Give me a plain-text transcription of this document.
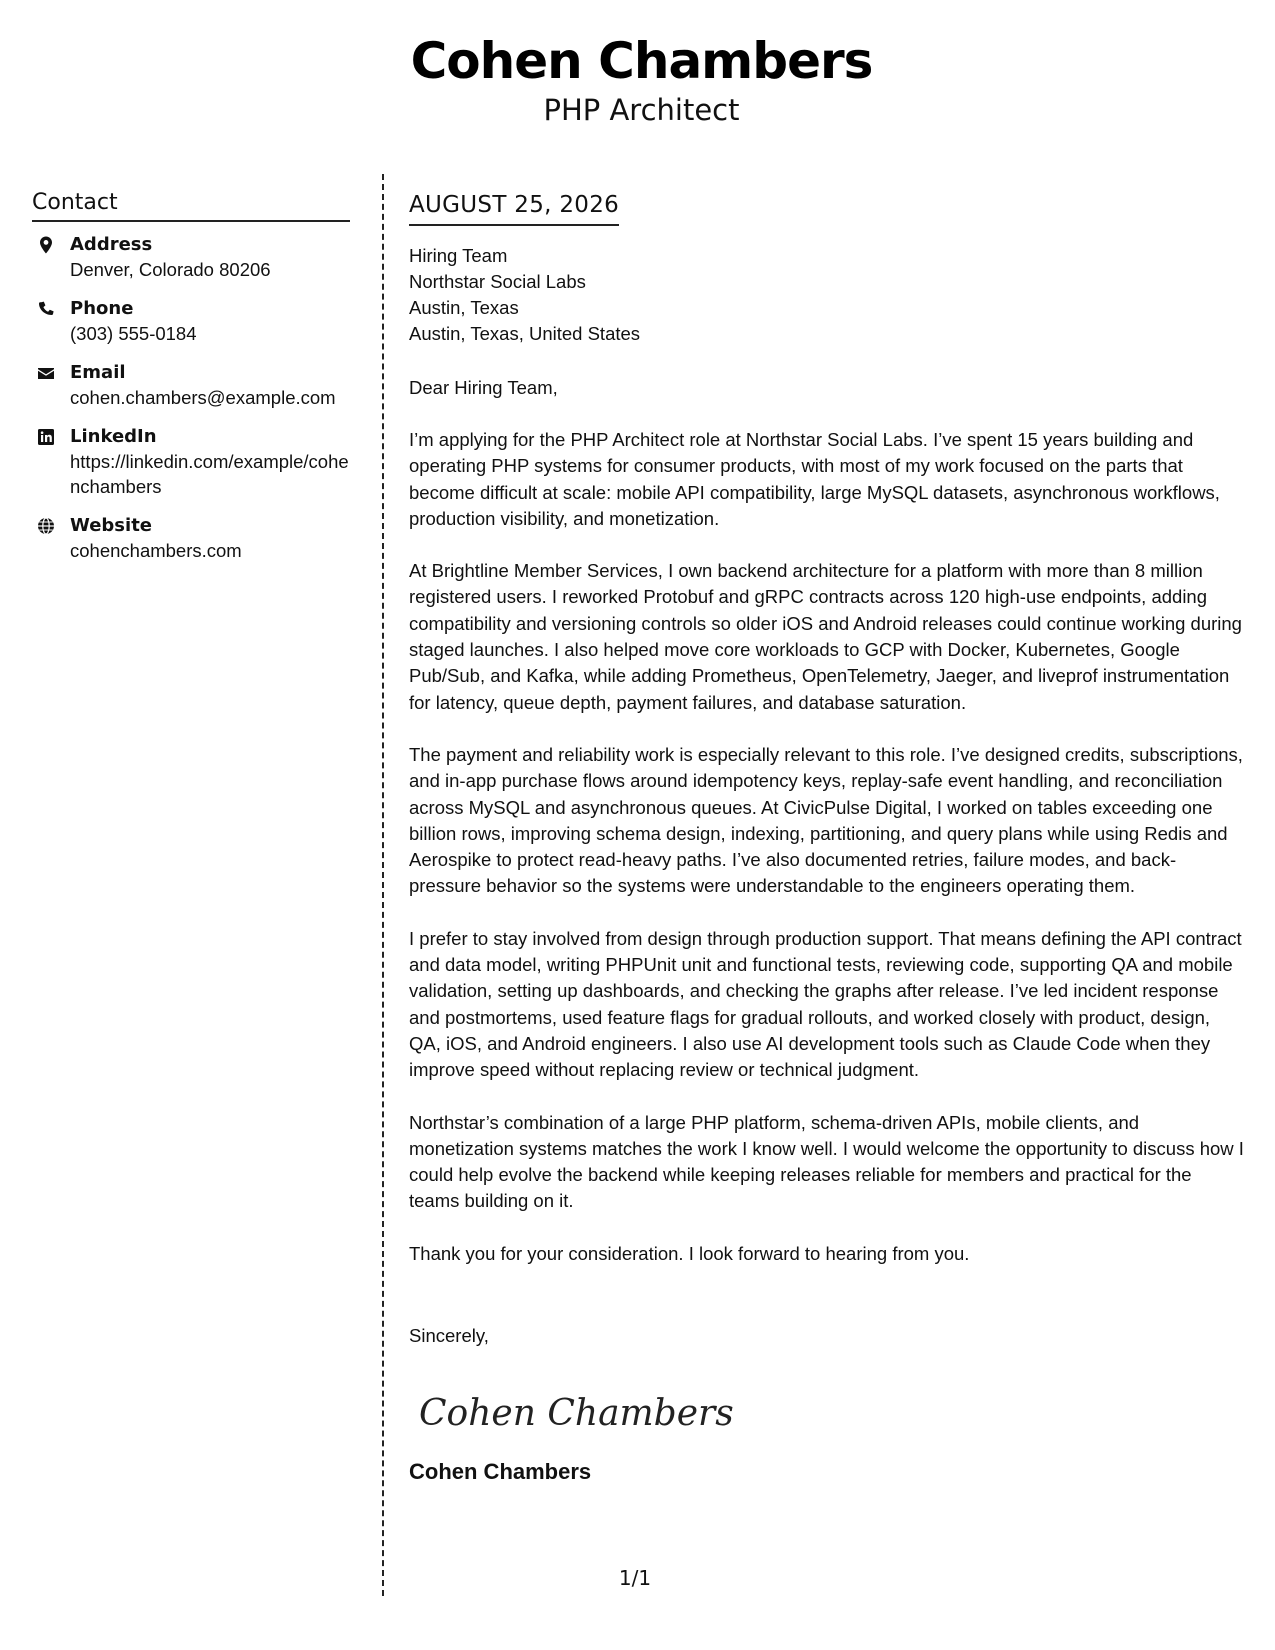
Cohen Chambers
PHP Architect
Contact
Address
Denver, Colorado 80206
Phone
(303) 555-0184
Email
cohen.chambers@example.com
LinkedIn
https://linkedin.com/example/cohenchambers
Website
cohenchambers.com
AUGUST 25, 2026
Hiring Team
Northstar Social Labs
Austin, Texas
Austin, Texas, United States
Dear Hiring Team,
I’m applying for the PHP Architect role at Northstar Social Labs. I’ve spent 15 years building and operating PHP systems for consumer products, with most of my work focused on the parts that become difficult at scale: mobile API compatibility, large MySQL datasets, asynchronous workflows, production visibility, and monetization.
At Brightline Member Services, I own backend architecture for a platform with more than 8 million registered users. I reworked Protobuf and gRPC contracts across 120 high-use endpoints, adding compatibility and versioning controls so older iOS and Android releases could continue working during staged launches. I also helped move core workloads to GCP with Docker, Kubernetes, Google Pub/Sub, and Kafka, while adding Prometheus, OpenTelemetry, Jaeger, and liveprof instrumentation for latency, queue depth, payment failures, and database saturation.
The payment and reliability work is especially relevant to this role. I’ve designed credits, subscriptions, and in-app purchase flows around idempotency keys, replay-safe event handling, and reconciliation across MySQL and asynchronous queues. At CivicPulse Digital, I worked on tables exceeding one billion rows, improving schema design, indexing, partitioning, and query plans while using Redis and Aerospike to protect read-heavy paths. I’ve also documented retries, failure modes, and back-pressure behavior so the systems were understandable to the engineers operating them.
I prefer to stay involved from design through production support. That means defining the API contract and data model, writing PHPUnit unit and functional tests, reviewing code, supporting QA and mobile validation, setting up dashboards, and checking the graphs after release. I’ve led incident response and postmortems, used feature flags for gradual rollouts, and worked closely with product, design, QA, iOS, and Android engineers. I also use AI development tools such as Claude Code when they improve speed without replacing review or technical judgment.
Northstar’s combination of a large PHP platform, schema-driven APIs, mobile clients, and monetization systems matches the work I know well. I would welcome the opportunity to discuss how I could help evolve the backend while keeping releases reliable for members and practical for the teams building on it.
Thank you for your consideration. I look forward to hearing from you.
Sincerely,
Cohen Chambers
Cohen Chambers
1/1
